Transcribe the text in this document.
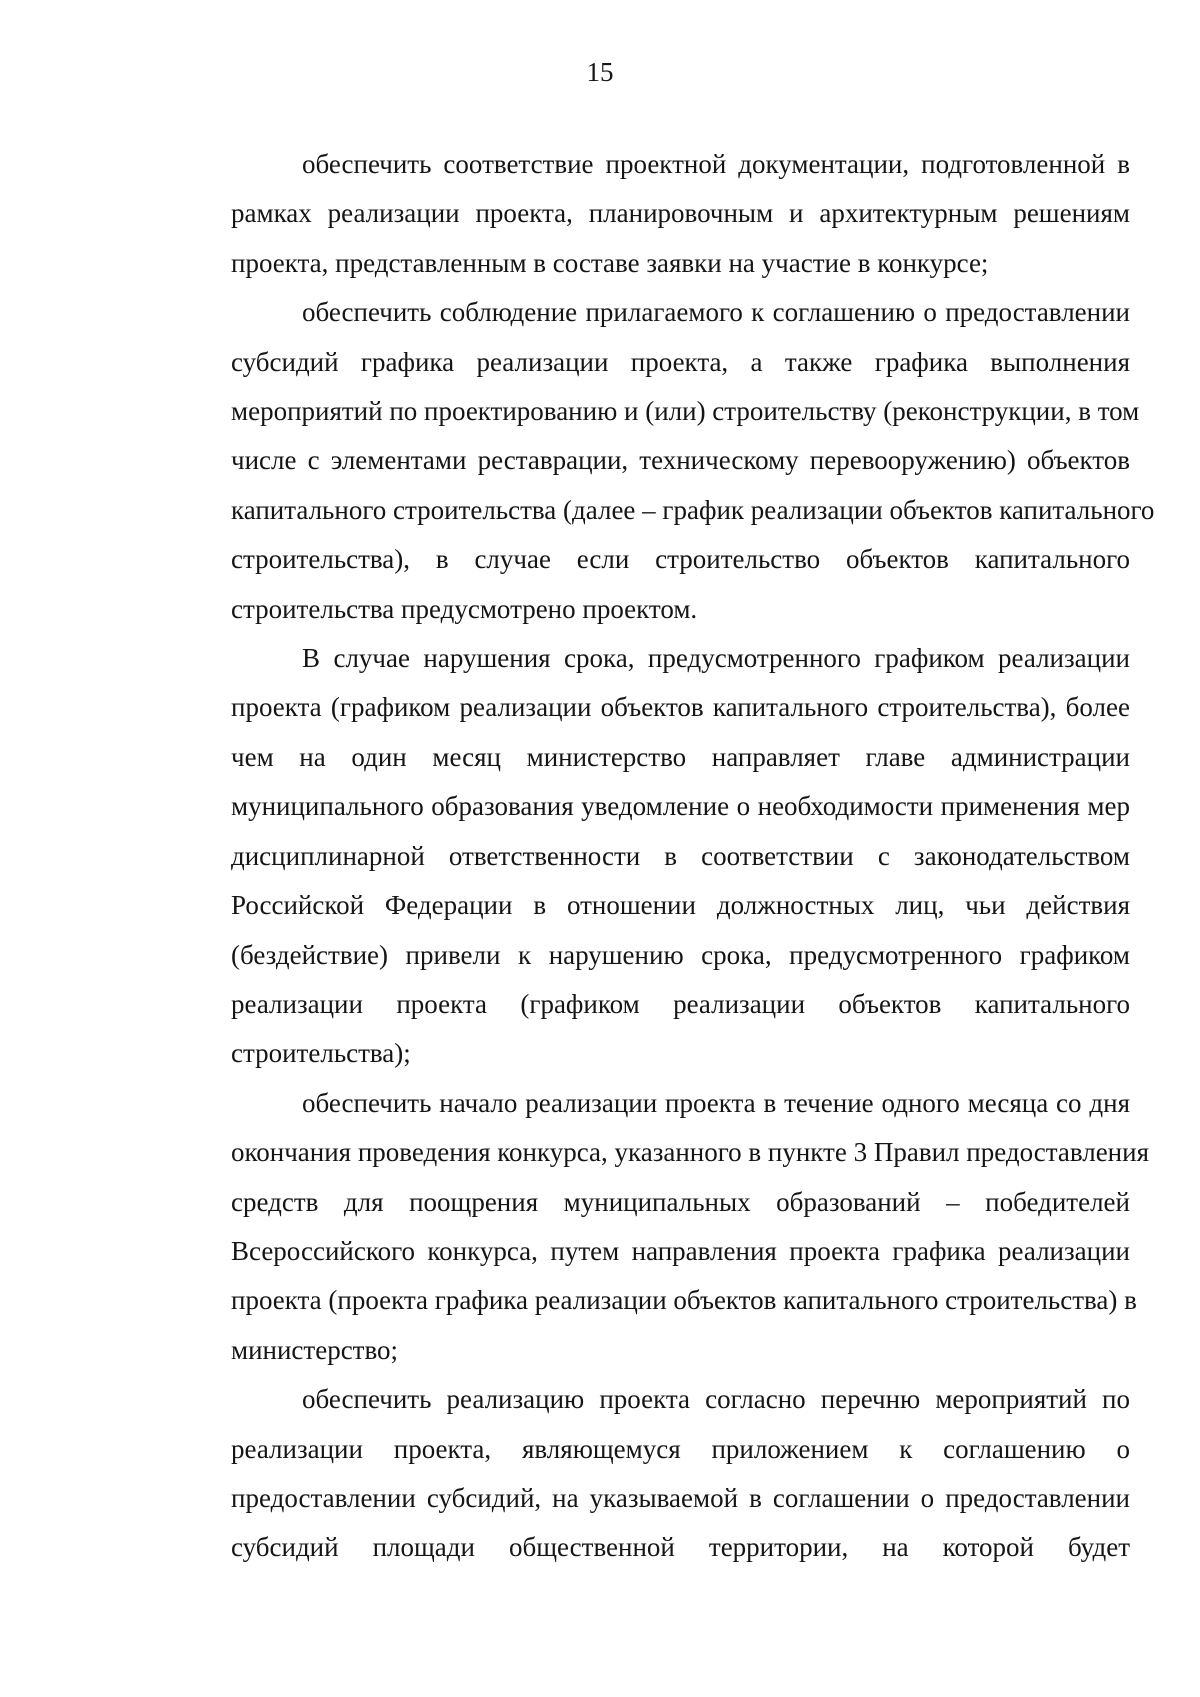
15
обеспечить соответствие проектной документации, подготовленной в
рамках реализации проекта, планировочным и архитектурным решениям
проекта, представленным в составе заявки на участие в конкурсе;
обеспечить соблюдение прилагаемого к соглашению о предоставлении
субсидий графика реализации проекта, а также графика выполнения
мероприятий по проектированию и (или) строительству (реконструкции, в том
числе с элементами реставрации, техническому перевооружению) объектов
капитального строительства (далее – график реализации объектов капитального
строительства), в случае если строительство объектов капитального
строительства предусмотрено проектом.
В случае нарушения срока, предусмотренного графиком реализации
проекта (графиком реализации объектов капитального строительства), более
чем на один месяц министерство направляет главе администрации
муниципального образования уведомление о необходимости применения мер
дисциплинарной ответственности в соответствии с законодательством
Российской Федерации в отношении должностных лиц, чьи действия
(бездействие) привели к нарушению срока, предусмотренного графиком
реализации проекта (графиком реализации объектов капитального
строительства);
обеспечить начало реализации проекта в течение одного месяца со дня
окончания проведения конкурса, указанного в пункте 3 Правил предоставления
средств для поощрения муниципальных образований – победителей
Всероссийского конкурса, путем направления проекта графика реализации
проекта (проекта графика реализации объектов капитального строительства) в
министерство;
обеспечить реализацию проекта согласно перечню мероприятий по
реализации проекта, являющемуся приложением к соглашению о
предоставлении субсидий, на указываемой в соглашении о предоставлении
субсидий площади общественной территории, на которой будет
